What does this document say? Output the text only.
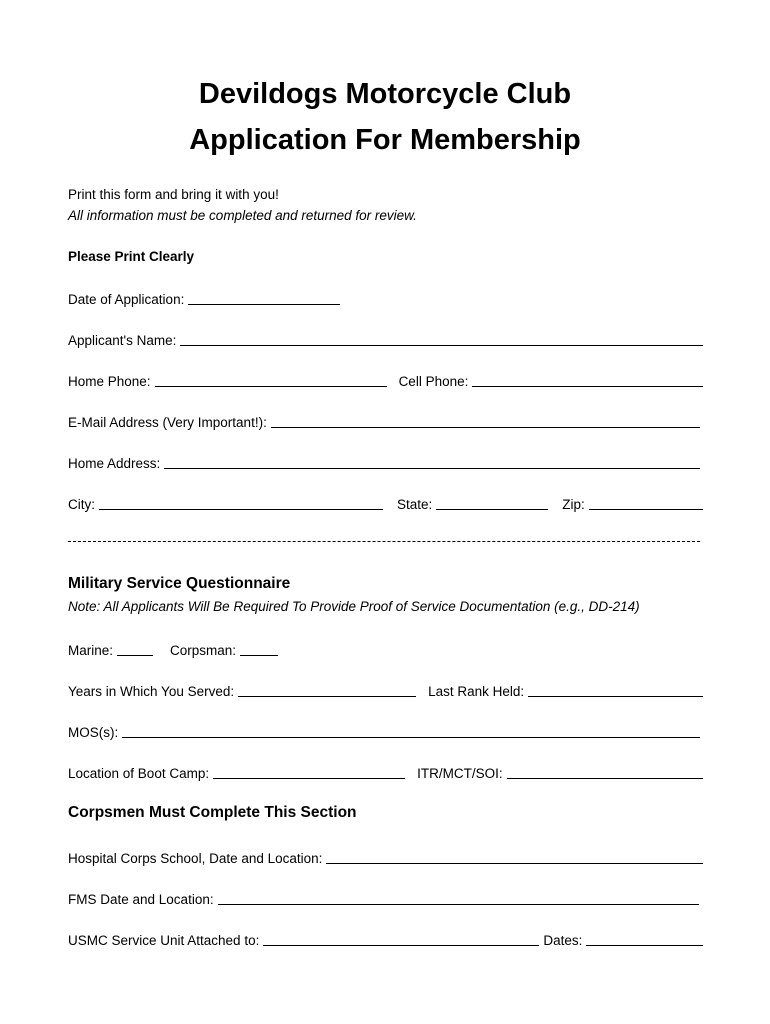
Devildogs Motorcycle Club
Application For Membership
Print this form and bring it with you!
All information must be completed and returned for review.
Please Print Clearly
Date of Application:
Applicant's Name:
Home Phone:	Cell Phone:
E-Mail Address (Very Important!):
Home Address:
City:	State:	Zip:
Military Service Questionnaire
Note: All Applicants Will Be Required To Provide Proof of Service Documentation (e.g., DD-214)
Marine:	Corpsman:
Years in Which You Served:	Last Rank Held:
MOS(s):
Location of Boot Camp:	ITR/MCT/SOI:
Corpsmen Must Complete This Section
Hospital Corps School, Date and Location:
FMS Date and Location:
USMC Service Unit Attached to:	Dates:
